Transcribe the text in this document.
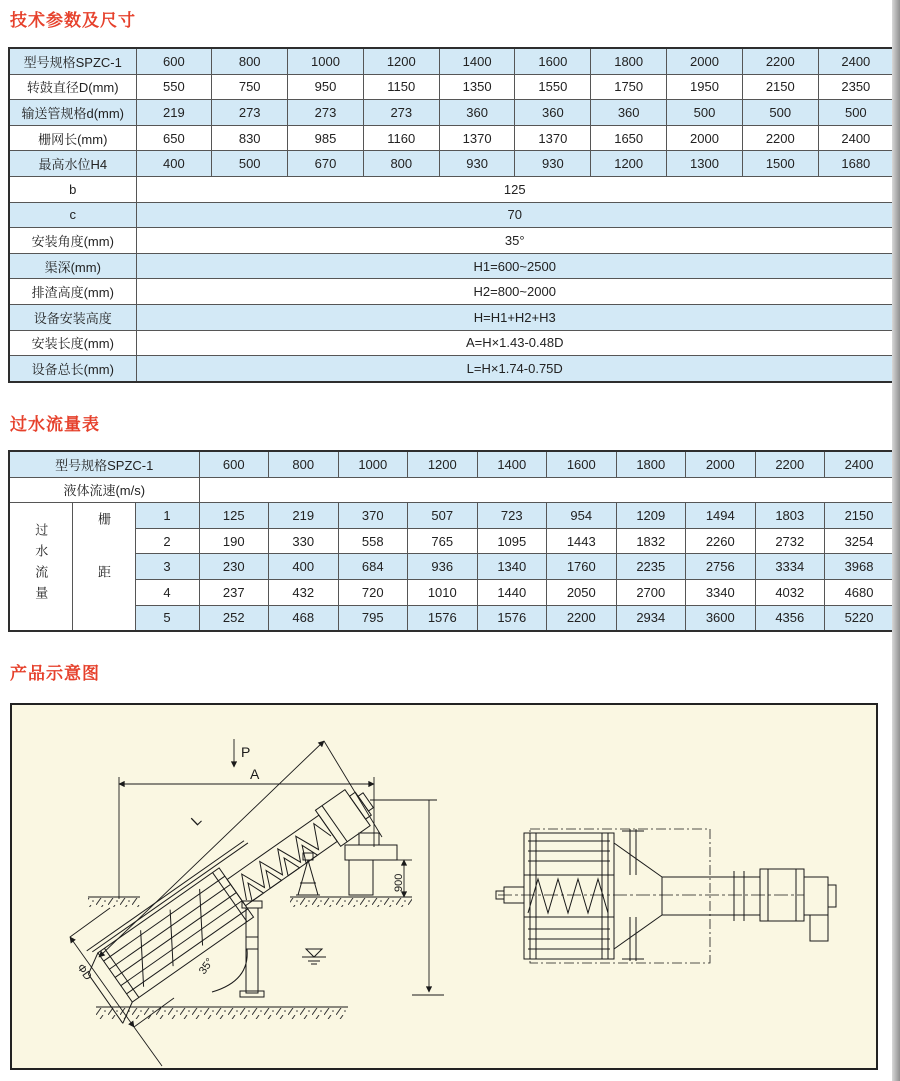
技术参数及尺寸
型号规格SPZC-1	600	800	1000	1200	1400	1600	1800	2000	2200	2400
转鼓直径D(mm)	550	750	950	1150	1350	1550	1750	1950	2150	2350
输送管规格d(mm)	219	273	273	273	360	360	360	500	500	500
栅网长(mm)	650	830	985	1160	1370	1370	1650	2000	2200	2400
最高水位H4	400	500	670	800	930	930	1200	1300	1500	1680
b	125									
c	70									
安装角度(mm)	35°									
渠深(mm)	H1=600~2500									
排渣高度(mm)	H2=800~2000									
设备安装高度	H=H1+H2+H3									
安装长度(mm)	A=H×1.43-0.48D									
设备总长(mm)	L=H×1.74-0.75D									
过水流量表
型号规格SPZC-1			600	800	1000	1200	1400	1600	1800	2000	2200	2400
液体流速(m/s)												
过水流量	栅距	1	125	219	370	507	723	954	1209	1494	1803	2150
		2	190	330	558	765	1095	1443	1832	2260	2732	3254
		3	230	400	684	936	1340	1760	2235	2756	3334	3968
		4	237	432	720	1010	1440	2050	2700	3340	4032	4680
		5	252	468	795	1576	1576	2200	2934	3600	4356	5220
产品示意图
P
A
L
900
35°
ΦD
